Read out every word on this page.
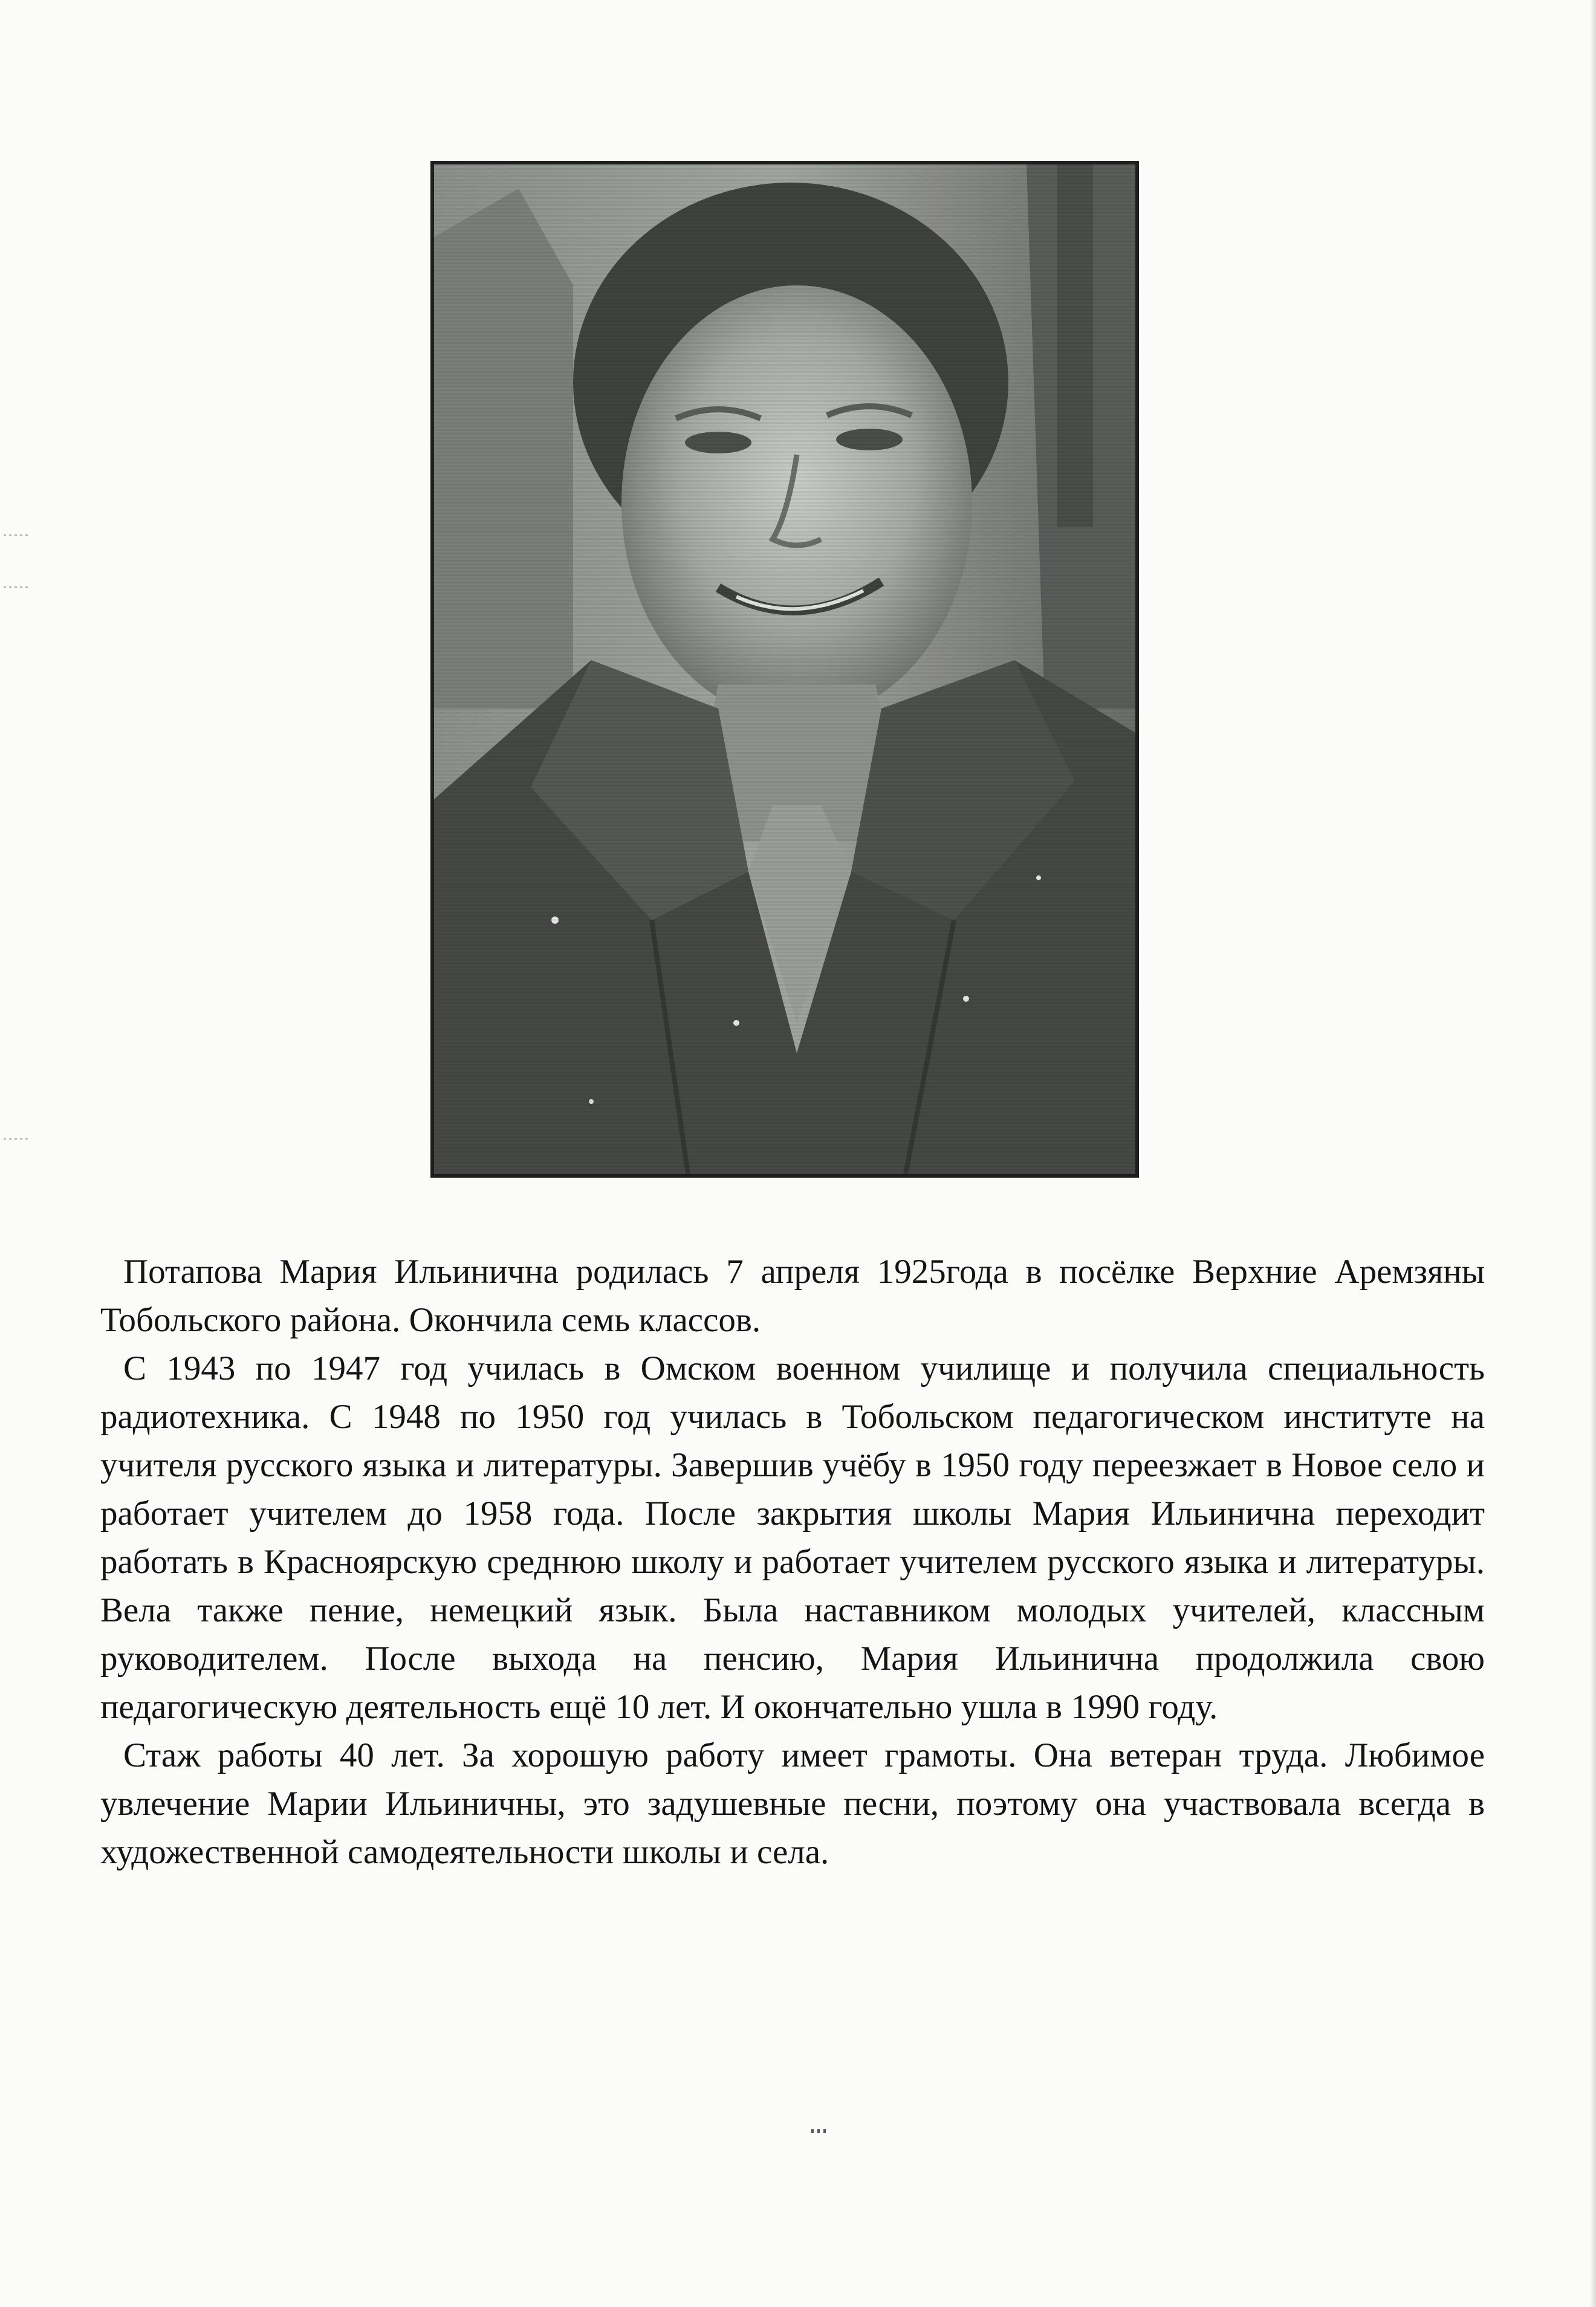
Потапова Мария Ильинична родилась 7 апреля 1925года в посёлке Верхние Аремзяны Тобольского района. Окончила семь классов.

С 1943 по 1947 год училась в Омском военном училище и получила специальность радиотехника. С 1948 по 1950 год училась в Тобольском педагогическом институте на учителя русского языка и литературы. Завершив учёбу в 1950 году переезжает в Новое село и работает учителем до 1958 года. После закрытия школы Мария Ильинична переходит работать в Красноярскую среднюю школу и работает учителем русского языка и литературы. Вела также пение, немецкий язык. Была наставником молодых учителей, классным руководителем. После выхода на пенсию, Мария Ильинична продолжила свою педагогическую деятельность ещё 10 лет. И окончательно ушла в 1990 году.

Стаж работы 40 лет. За хорошую работу имеет грамоты. Она ветеран труда. Любимое увлечение Марии Ильиничны, это задушевные песни, поэтому она участвовала всегда в художественной самодеятельности школы и села.
